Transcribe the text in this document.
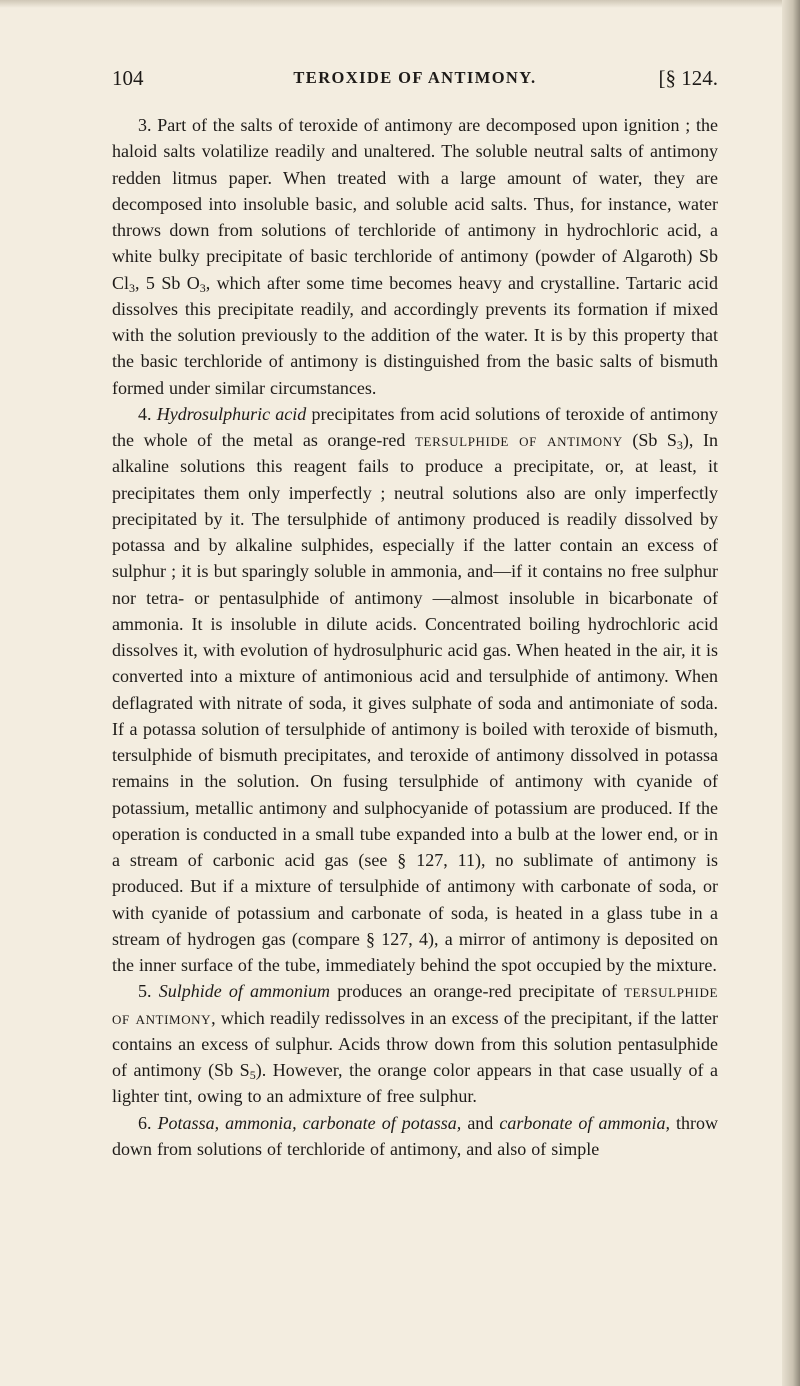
104	TEROXIDE OF ANTIMONY.	[§ 124.

3. Part of the salts of teroxide of antimony are decomposed upon ignition ; the haloid salts volatilize readily and unaltered. The soluble neutral salts of antimony redden litmus paper. When treated with a large amount of water, they are decomposed into insoluble basic, and soluble acid salts. Thus, for instance, water throws down from solutions of terchloride of antimony in hydrochloric acid, a white bulky precipitate of basic terchloride of antimony (powder of Algaroth) Sb $Cl_3$, 5 Sb $O_3$, which after some time becomes heavy and crystalline. Tartaric acid dissolves this precipitate readily, and accordingly prevents its formation if mixed with the solution previously to the addition of the water. It is by this property that the basic terchloride of antimony is distinguished from the basic salts of bismuth formed under similar circumstances.

4. Hydrosulphuric acid precipitates from acid solutions of teroxide of antimony the whole of the metal as orange-red tersulphide of antimony (Sb $S_3$), In alkaline solutions this reagent fails to produce a precipitate, or, at least, it precipitates them only imperfectly ; neutral solutions also are only imperfectly precipitated by it. The tersulphide of antimony produced is readily dissolved by potassa and by alkaline sulphides, especially if the latter contain an excess of sulphur ; it is but sparingly soluble in ammonia, and—if it contains no free sulphur nor tetra- or pentasulphide of antimony —almost insoluble in bicarbonate of ammonia. It is insoluble in dilute acids. Concentrated boiling hydrochloric acid dissolves it, with evolution of hydrosulphuric acid gas. When heated in the air, it is converted into a mixture of antimonious acid and tersulphide of antimony. When deflagrated with nitrate of soda, it gives sulphate of soda and antimoniate of soda. If a potassa solution of tersulphide of antimony is boiled with teroxide of bismuth, tersulphide of bismuth precipitates, and teroxide of antimony dissolved in potassa remains in the solution. On fusing tersulphide of antimony with cyanide of potassium, metallic antimony and sulphocyanide of potassium are produced. If the operation is conducted in a small tube expanded into a bulb at the lower end, or in a stream of carbonic acid gas (see § 127, 11), no sublimate of antimony is produced. But if a mixture of tersulphide of antimony with carbonate of soda, or with cyanide of potassium and carbonate of soda, is heated in a glass tube in a stream of hydrogen gas (compare § 127, 4), a mirror of antimony is deposited on the inner surface of the tube, immediately behind the spot occupied by the mixture.

5. Sulphide of ammonium produces an orange-red precipitate of tersulphide of antimony, which readily redissolves in an excess of the precipitant, if the latter contains an excess of sulphur. Acids throw down from this solution pentasulphide of antimony (Sb $S_5$). However, the orange color appears in that case usually of a lighter tint, owing to an admixture of free sulphur.

6. Potassa, ammonia, carbonate of potassa, and carbonate of ammonia, throw down from solutions of terchloride of antimony, and also of simple
